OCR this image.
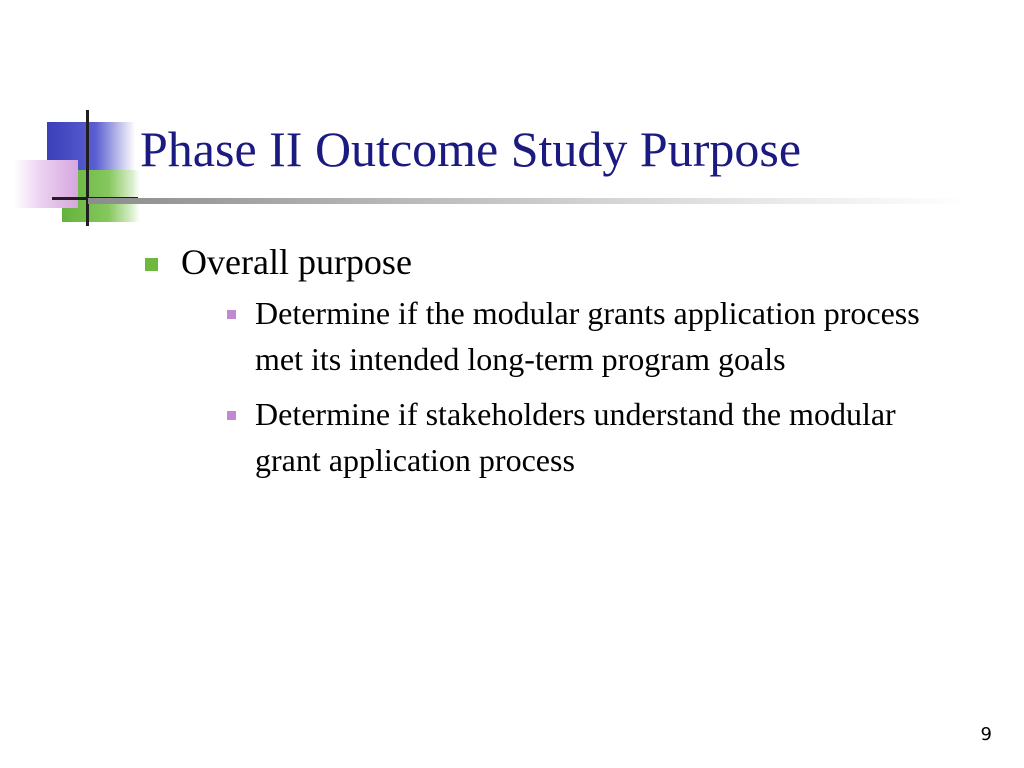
Phase II Outcome Study Purpose
Overall purpose
Determine if the modular grants application process met its intended long-term program goals
Determine if stakeholders understand the modular grant application process
9
